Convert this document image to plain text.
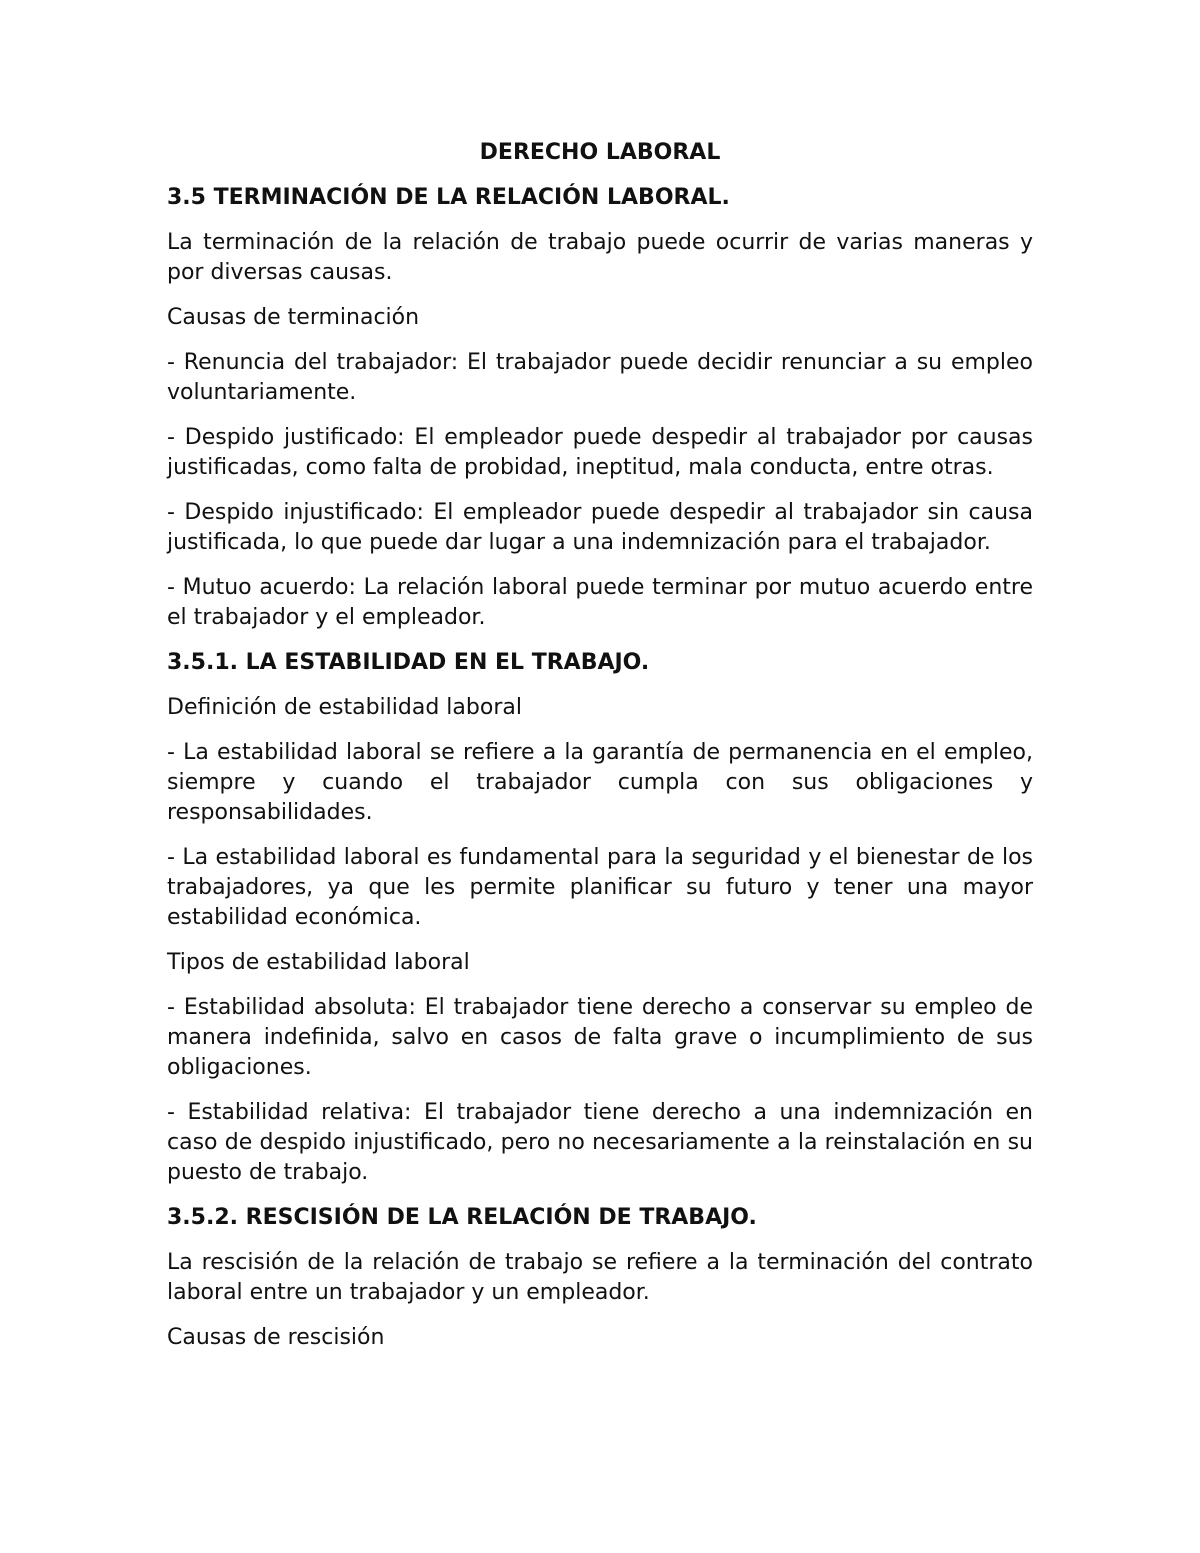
DERECHO LABORAL
3.5 TERMINACIÓN DE LA RELACIÓN LABORAL.

La terminación de la relación de trabajo puede ocurrir de varias maneras y por diversas causas.

Causas de terminación

- Renuncia del trabajador: El trabajador puede decidir renunciar a su empleo voluntariamente.

- Despido justificado: El empleador puede despedir al trabajador por causas justificadas, como falta de probidad, ineptitud, mala conducta, entre otras.

- Despido injustificado: El empleador puede despedir al trabajador sin causa justificada, lo que puede dar lugar a una indemnización para el trabajador.

- Mutuo acuerdo: La relación laboral puede terminar por mutuo acuerdo entre el trabajador y el empleador.

3.5.1. LA ESTABILIDAD EN EL TRABAJO.

Definición de estabilidad laboral

- La estabilidad laboral se refiere a la garantía de permanencia en el empleo, siempre y cuando el trabajador cumpla con sus obligaciones y responsabilidades.

- La estabilidad laboral es fundamental para la seguridad y el bienestar de los trabajadores, ya que les permite planificar su futuro y tener una mayor estabilidad económica.

Tipos de estabilidad laboral

- Estabilidad absoluta: El trabajador tiene derecho a conservar su empleo de manera indefinida, salvo en casos de falta grave o incumplimiento de sus obligaciones.

- Estabilidad relativa: El trabajador tiene derecho a una indemnización en caso de despido injustificado, pero no necesariamente a la reinstalación en su puesto de trabajo.

3.5.2. RESCISIÓN DE LA RELACIÓN DE TRABAJO.

La rescisión de la relación de trabajo se refiere a la terminación del contrato laboral entre un trabajador y un empleador.

Causas de rescisión
